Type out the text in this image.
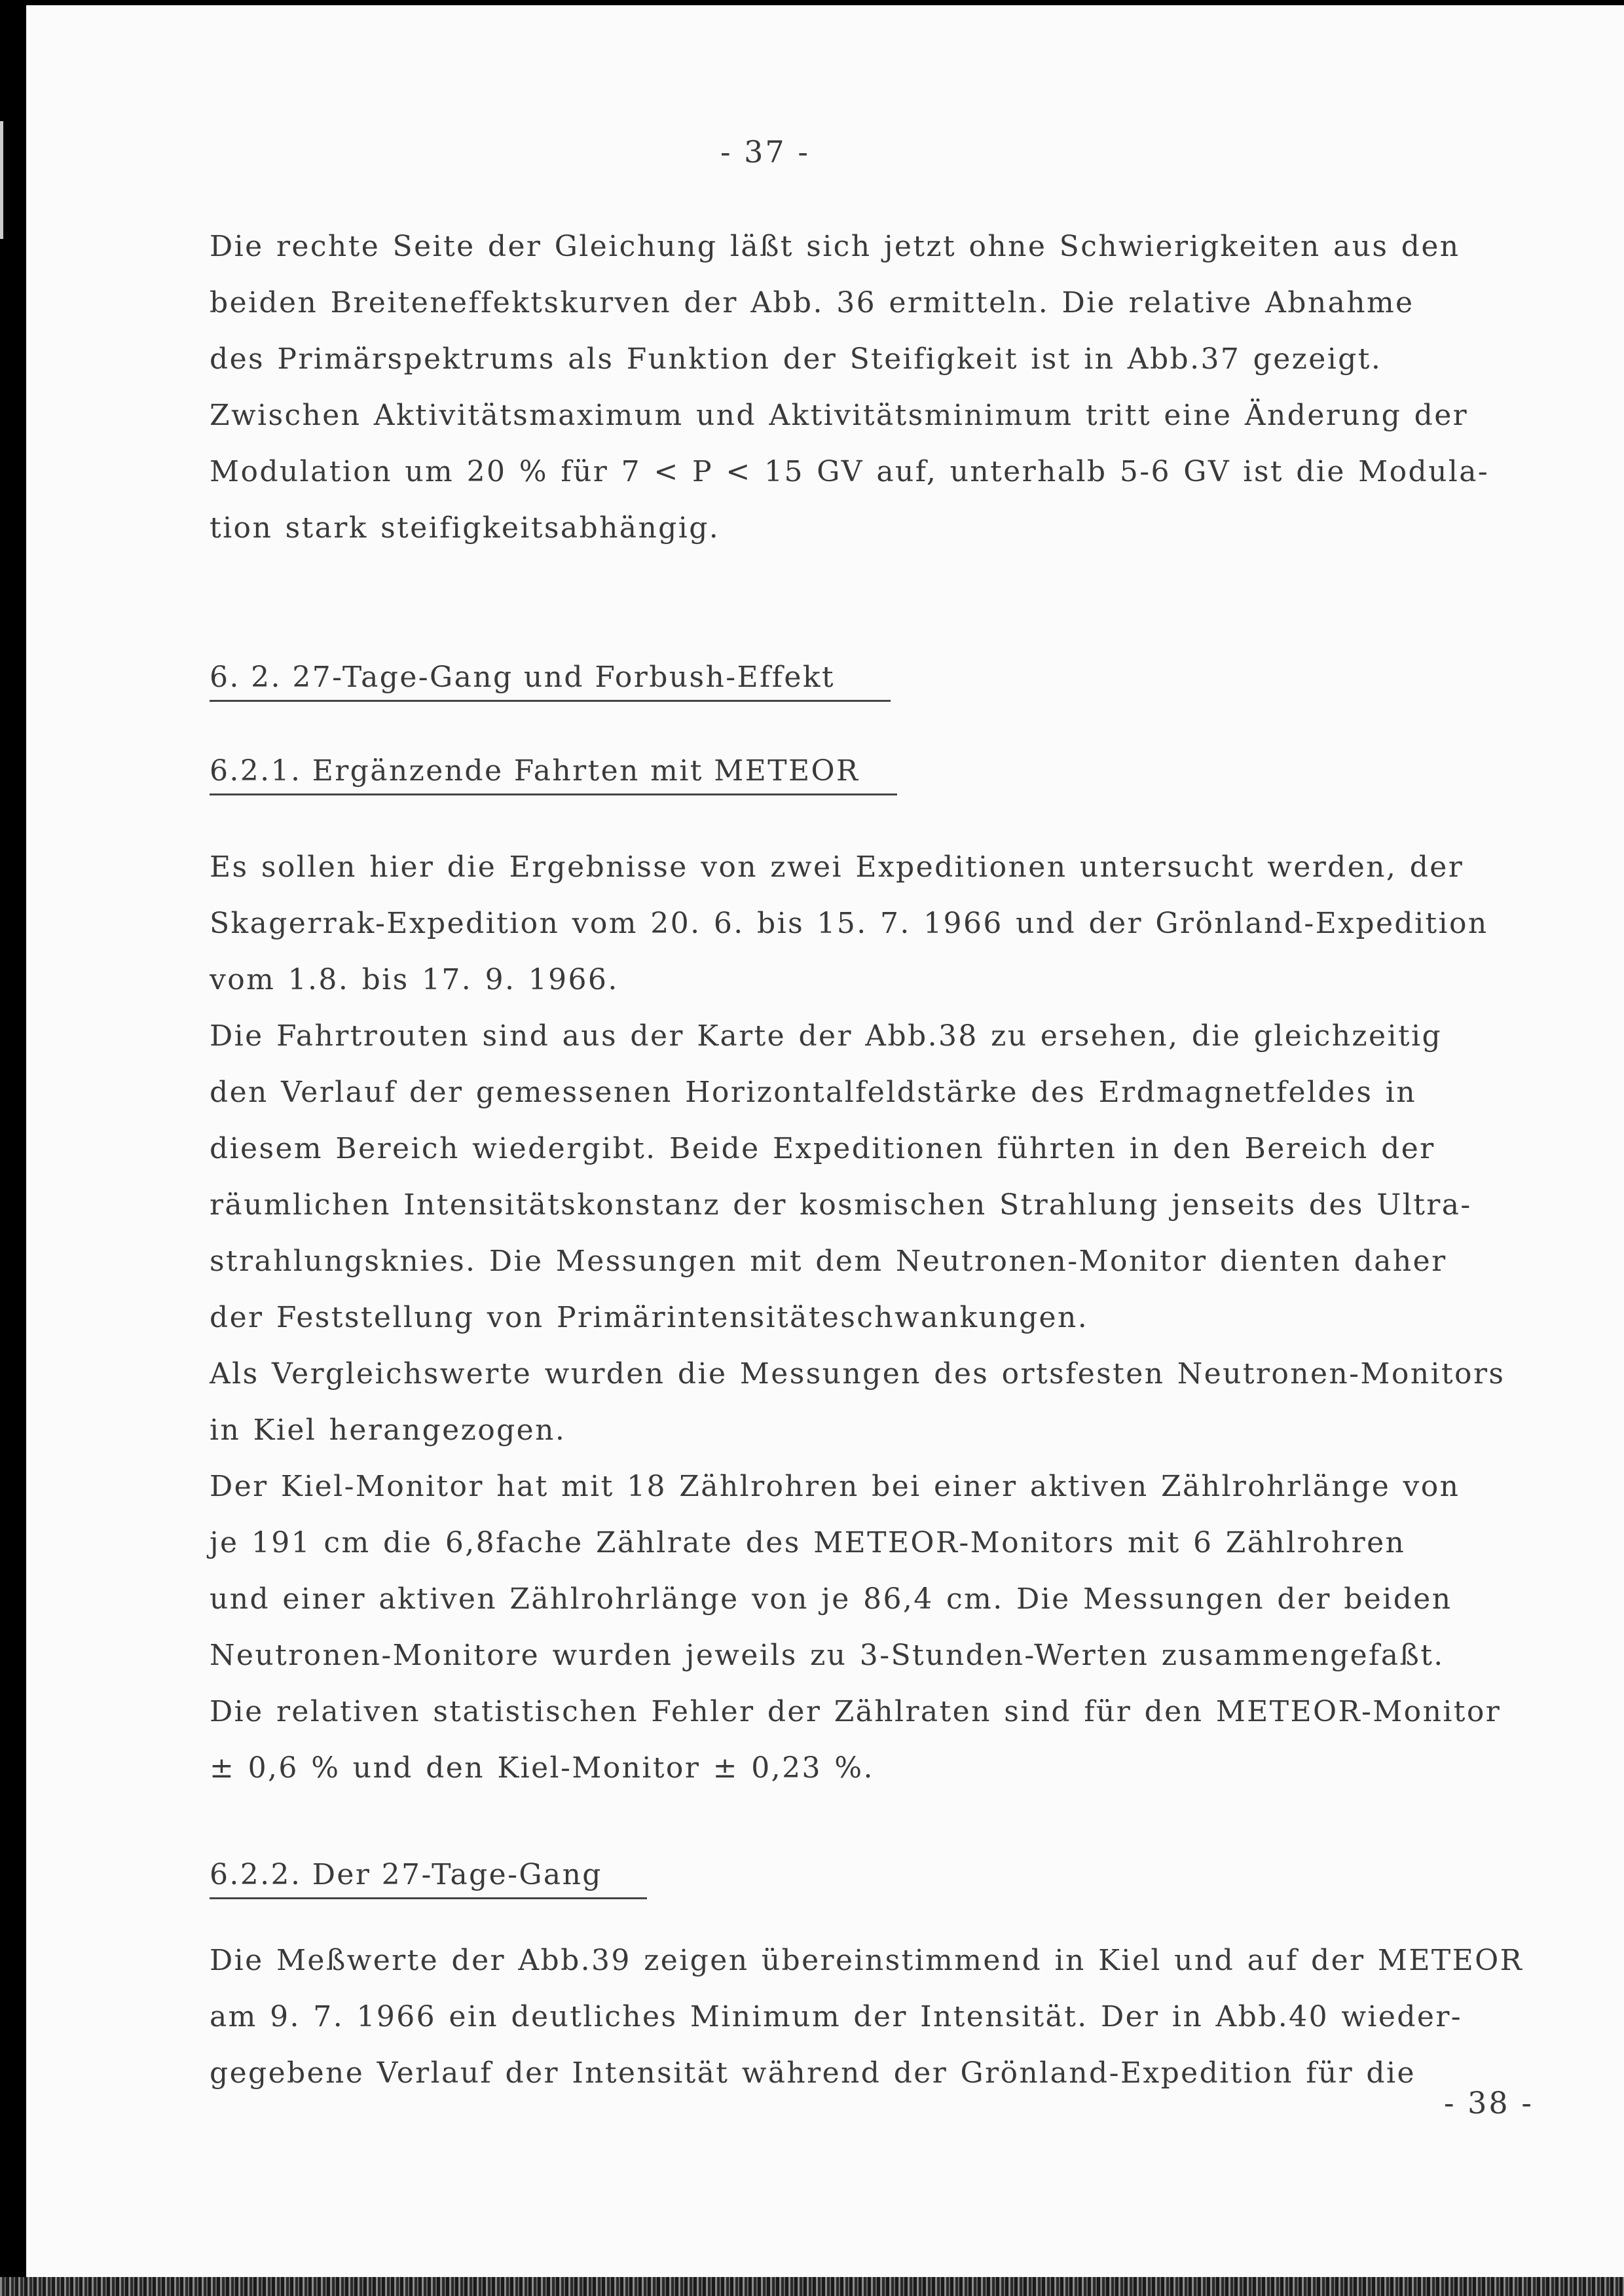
- 37 -
Die rechte Seite der Gleichung läßt sich jetzt ohne Schwierigkeiten aus den
beiden Breiteneffektskurven der Abb. 36 ermitteln. Die relative Abnahme
des Primärspektrums als Funktion der Steifigkeit ist in Abb.37 gezeigt.
Zwischen Aktivitätsmaximum und Aktivitätsminimum tritt eine Änderung der
Modulation um 20 % für 7 < P < 15 GV auf, unterhalb 5-6 GV ist die Modula-
tion stark steifigkeitsabhängig.
6. 2. 27-Tage-Gang und Forbush-Effekt
6.2.1. Ergänzende Fahrten mit METEOR
Es sollen hier die Ergebnisse von zwei Expeditionen untersucht werden, der
Skagerrak-Expedition vom 20. 6. bis 15. 7. 1966 und der Grönland-Expedition
vom 1.8. bis 17. 9. 1966.
Die Fahrtrouten sind aus der Karte der Abb.38 zu ersehen, die gleichzeitig
den Verlauf der gemessenen Horizontalfeldstärke des Erdmagnetfeldes in
diesem Bereich wiedergibt. Beide Expeditionen führten in den Bereich der
räumlichen Intensitätskonstanz der kosmischen Strahlung jenseits des Ultra-
strahlungsknies. Die Messungen mit dem Neutronen-Monitor dienten daher
der Feststellung von Primärintensitäteschwankungen.
Als Vergleichswerte wurden die Messungen des ortsfesten Neutronen-Monitors
in Kiel herangezogen.
Der Kiel-Monitor hat mit 18 Zählrohren bei einer aktiven Zählrohrlänge von
je 191 cm die 6,8fache Zählrate des METEOR-Monitors mit 6 Zählrohren
und einer aktiven Zählrohrlänge von je 86,4 cm. Die Messungen der beiden
Neutronen-Monitore wurden jeweils zu 3-Stunden-Werten zusammengefaßt.
Die relativen statistischen Fehler der Zählraten sind für den METEOR-Monitor
± 0,6 % und den Kiel-Monitor ± 0,23 %.
6.2.2. Der 27-Tage-Gang
Die Meßwerte der Abb.39 zeigen übereinstimmend in Kiel und auf der METEOR
am 9. 7. 1966 ein deutliches Minimum der Intensität. Der in Abb.40 wieder-
gegebene Verlauf der Intensität während der Grönland-Expedition für die
- 38 -
